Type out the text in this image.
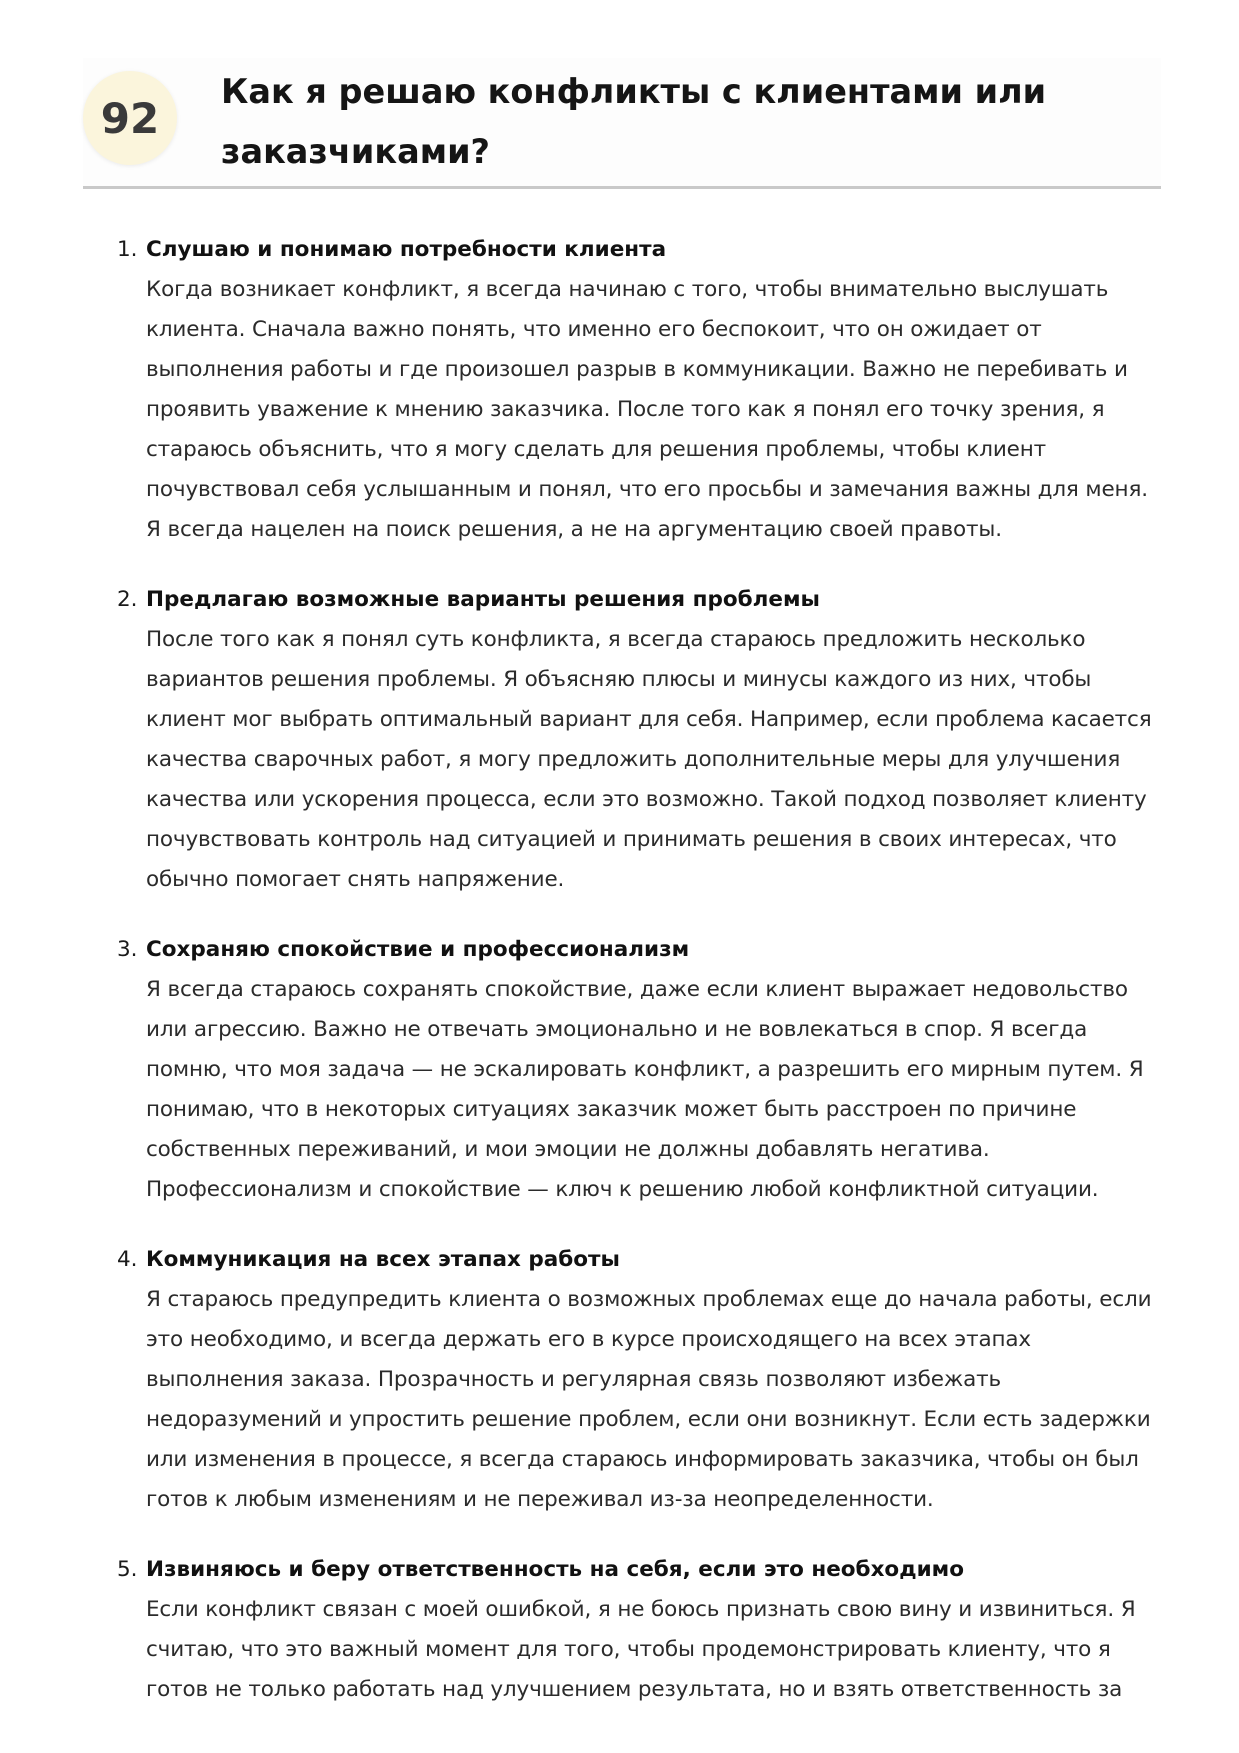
92
Как я решаю конфликты с клиентами или заказчиками?
1. Слушаю и понимаю потребности клиента
Когда возникает конфликт, я всегда начинаю с того, чтобы внимательно выслушать клиента. Сначала важно понять, что именно его беспокоит, что он ожидает от выполнения работы и где произошел разрыв в коммуникации. Важно не перебивать и проявить уважение к мнению заказчика. После того как я понял его точку зрения, я стараюсь объяснить, что я могу сделать для решения проблемы, чтобы клиент почувствовал себя услышанным и понял, что его просьбы и замечания важны для меня. Я всегда нацелен на поиск решения, а не на аргументацию своей правоты.
2. Предлагаю возможные варианты решения проблемы
После того как я понял суть конфликта, я всегда стараюсь предложить несколько вариантов решения проблемы. Я объясняю плюсы и минусы каждого из них, чтобы клиент мог выбрать оптимальный вариант для себя. Например, если проблема касается качества сварочных работ, я могу предложить дополнительные меры для улучшения качества или ускорения процесса, если это возможно. Такой подход позволяет клиенту почувствовать контроль над ситуацией и принимать решения в своих интересах, что обычно помогает снять напряжение.
3. Сохраняю спокойствие и профессионализм
Я всегда стараюсь сохранять спокойствие, даже если клиент выражает недовольство или агрессию. Важно не отвечать эмоционально и не вовлекаться в спор. Я всегда помню, что моя задача — не эскалировать конфликт, а разрешить его мирным путем. Я понимаю, что в некоторых ситуациях заказчик может быть расстроен по причине собственных переживаний, и мои эмоции не должны добавлять негатива. Профессионализм и спокойствие — ключ к решению любой конфликтной ситуации.
4. Коммуникация на всех этапах работы
Я стараюсь предупредить клиента о возможных проблемах еще до начала работы, если это необходимо, и всегда держать его в курсе происходящего на всех этапах выполнения заказа. Прозрачность и регулярная связь позволяют избежать недоразумений и упростить решение проблем, если они возникнут. Если есть задержки или изменения в процессе, я всегда стараюсь информировать заказчика, чтобы он был готов к любым изменениям и не переживал из-за неопределенности.
5. Извиняюсь и беру ответственность на себя, если это необходимо
Если конфликт связан с моей ошибкой, я не боюсь признать свою вину и извиниться. Я считаю, что это важный момент для того, чтобы продемонстрировать клиенту, что я готов не только работать над улучшением результата, но и взять ответственность за
